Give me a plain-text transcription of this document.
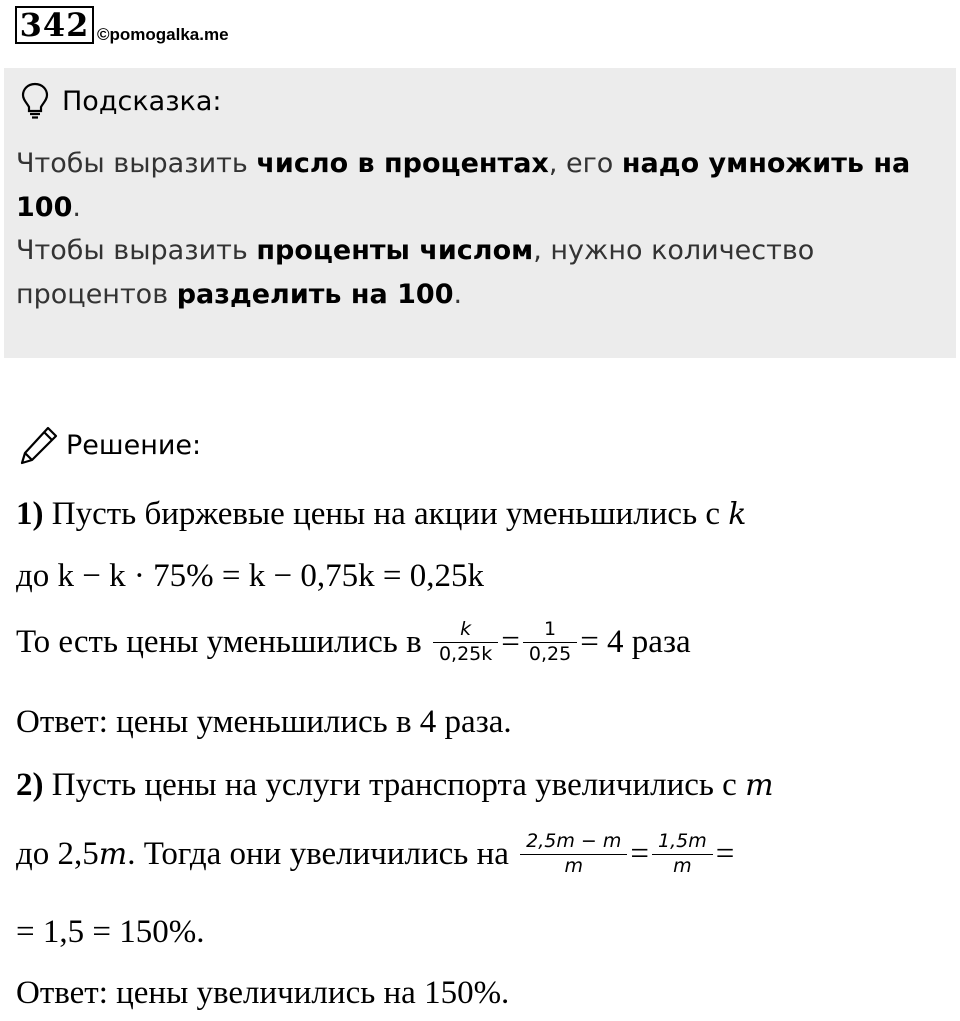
342 ©pomogalka.me
Подсказка:
Чтобы выразить число в процентах, его надо умножить на 100.
Чтобы выразить проценты числом, нужно количество процентов разделить на 100.
Решение:
1) Пусть биржевые цены на акции уменьшились с k
до k − k · 75% = k − 0,75k = 0,25k
То есть цены уменьшились в $\frac{k}{0,25k} = \frac{1}{0,25} = 4$ раза
Ответ: цены уменьшились в 4 раза.
2) Пусть цены на услуги транспорта увеличились с m
до 2,5 m . Тогда они увеличились на $\frac{2,5m - m}{m} = \frac{1,5m}{m}$ =
= 1,5 = 150%.
Ответ: цены увеличились на 150%.
